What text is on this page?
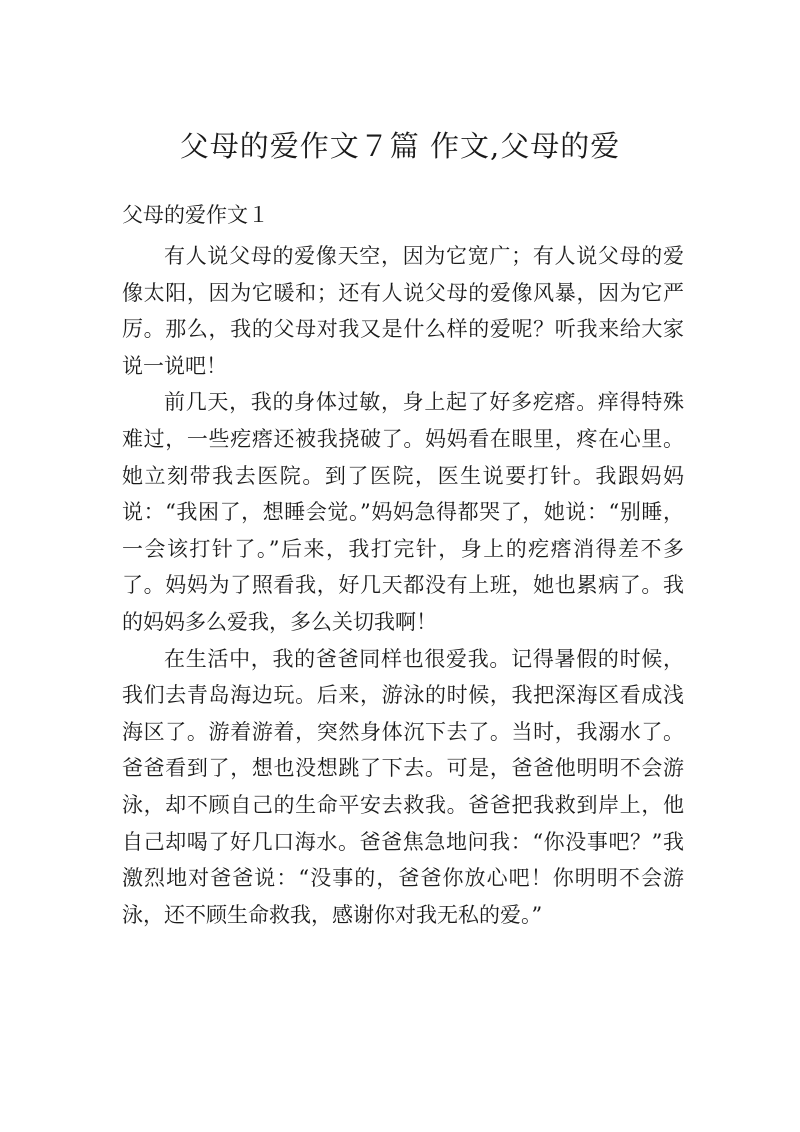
父母的爱作文７篇 作文,父母的爱
父母的爱作文１

有人说父母的爱像天空，因为它宽广；有人说父母的爱像太阳，因为它暖和；还有人说父母的爱像风暴，因为它严厉。那么，我的父母对我又是什么样的爱呢？听我来给大家说一说吧！

前几天，我的身体过敏，身上起了好多疙瘩。痒得特殊难过，一些疙瘩还被我挠破了。妈妈看在眼里，疼在心里。她立刻带我去医院。到了医院，医生说要打针。我跟妈妈说：“我困了，想睡会觉。”妈妈急得都哭了，她说：“别睡，一会该打针了。”后来，我打完针，身上的疙瘩消得差不多了。妈妈为了照看我，好几天都没有上班，她也累病了。我的妈妈多么爱我，多么关切我啊！

在生活中，我的爸爸同样也很爱我。记得暑假的时候，我们去青岛海边玩。后来，游泳的时候，我把深海区看成浅海区了。游着游着，突然身体沉下去了。当时，我溺水了。爸爸看到了，想也没想跳了下去。可是，爸爸他明明不会游泳，却不顾自己的生命平安去救我。爸爸把我救到岸上，他自己却喝了好几口海水。爸爸焦急地问我：“你没事吧？”我激烈地对爸爸说：“没事的，爸爸你放心吧！你明明不会游泳，还不顾生命救我，感谢你对我无私的爱。”
